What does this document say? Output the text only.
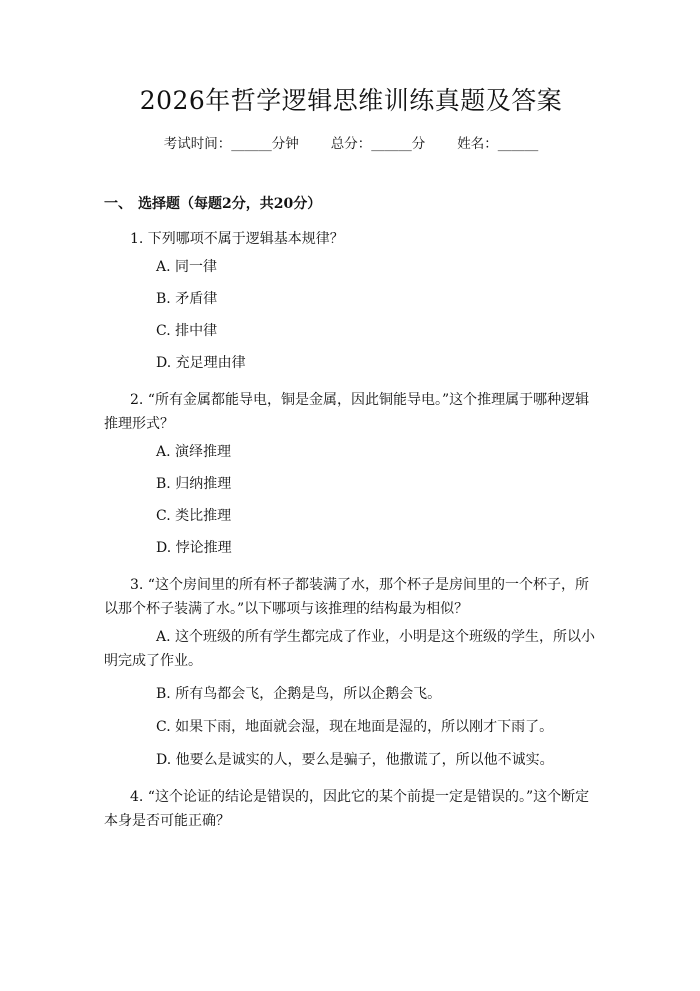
2026年哲学逻辑思维训练真题及答案
考试时间：______分钟 总分：______分 姓名：______
一、 选择题（每题2分，共20分）

1. 下列哪项不属于逻辑基本规律？

A. 同一律
B. 矛盾律
C. 排中律
D. 充足理由律

2. “所有金属都能导电，铜是金属，因此铜能导电。”这个推理属于哪种逻辑推理形式？

A. 演绎推理
B. 归纳推理
C. 类比推理
D. 悖论推理

3. “这个房间里的所有杯子都装满了水，那个杯子是房间里的一个杯子，所以那个杯子装满了水。”以下哪项与该推理的结构最为相似？

A. 这个班级的所有学生都完成了作业，小明是这个班级的学生，所以小明完成了作业。
B. 所有鸟都会飞，企鹅是鸟，所以企鹅会飞。
C. 如果下雨，地面就会湿，现在地面是湿的，所以刚才下雨了。
D. 他要么是诚实的人，要么是骗子，他撒谎了，所以他不诚实。

4. “这个论证的结论是错误的，因此它的某个前提一定是错误的。”这个断定本身是否可能正确？
